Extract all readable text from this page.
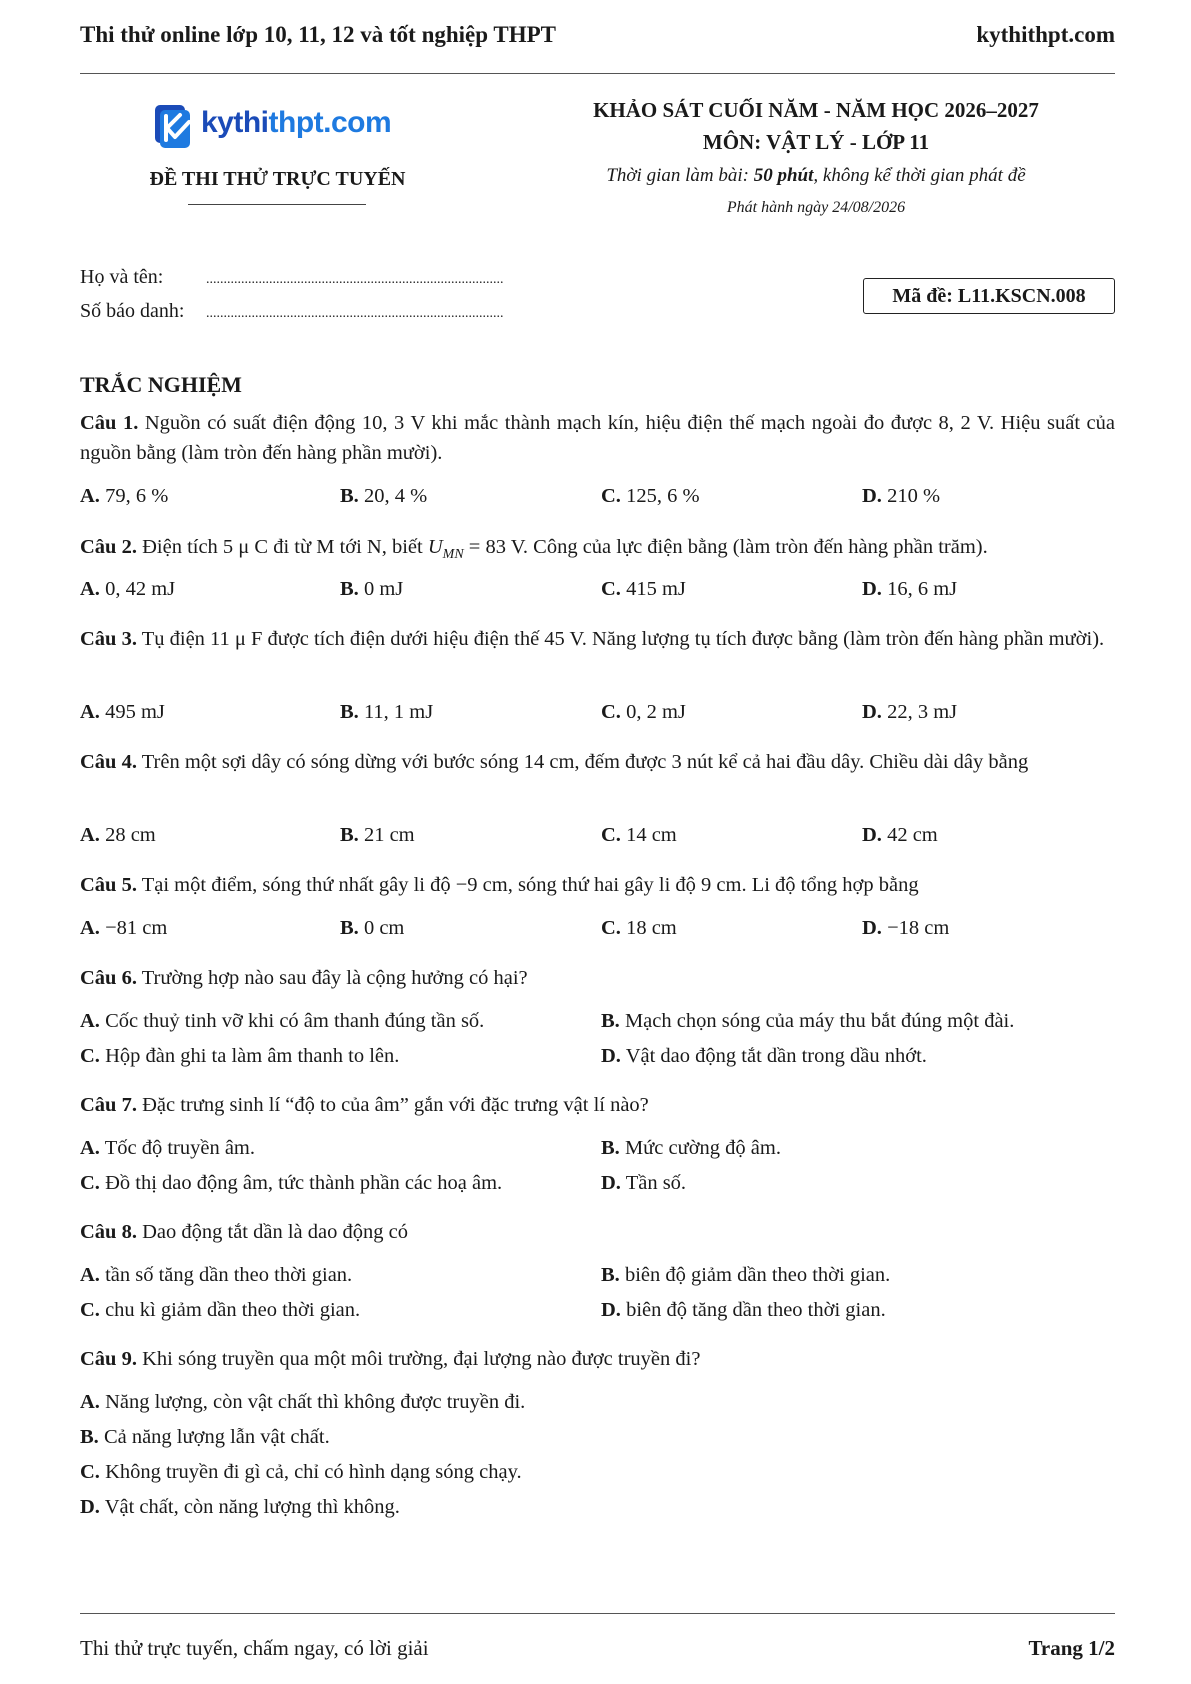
Thi thử online lớp 10, 11, 12 và tốt nghiệp THPT	kythithpt.com
kythithpt.com
ĐỀ THI THỬ TRỰC TUYẾN
KHẢO SÁT CUỐI NĂM - NĂM HỌC 2026–2027
MÔN: VẬT LÝ - LỚP 11
Thời gian làm bài: 50 phút, không kể thời gian phát đề
Phát hành ngày 24/08/2026
Họ và tên:	.....................................................................................
Số báo danh: .....................................................................................
Mã đề: L11.KSCN.008
TRẮC NGHIỆM
Câu 1. Nguồn có suất điện động 10, 3 V khi mắc thành mạch kín, hiệu điện thế mạch ngoài đo được 8, 2 V. Hiệu suất của nguồn bằng (làm tròn đến hàng phần mười).
A. 79, 6 %	B. 20, 4 %	C. 125, 6 %	D. 210 %
Câu 2. Điện tích 5 μ C đi từ M tới N, biết $U_{MN} = 83$ V. Công của lực điện bằng (làm tròn đến hàng phần trăm).
A. 0, 42 mJ	B. 0 mJ	C. 415 mJ	D. 16, 6 mJ
Câu 3. Tụ điện 11 μ F được tích điện dưới hiệu điện thế 45 V. Năng lượng tụ tích được bằng (làm tròn đến hàng phần mười).
A. 495 mJ	B. 11, 1 mJ	C. 0, 2 mJ	D. 22, 3 mJ
Câu 4. Trên một sợi dây có sóng dừng với bước sóng 14 cm, đếm được 3 nút kể cả hai đầu dây. Chiều dài dây bằng
A. 28 cm	B. 21 cm	C. 14 cm	D. 42 cm
Câu 5. Tại một điểm, sóng thứ nhất gây li độ −9 cm, sóng thứ hai gây li độ 9 cm. Li độ tổng hợp bằng
A. −81 cm	B. 0 cm	C. 18 cm	D. −18 cm
Câu 6. Trường hợp nào sau đây là cộng hưởng có hại?
A. Cốc thuỷ tinh vỡ khi có âm thanh đúng tần số.	B. Mạch chọn sóng của máy thu bắt đúng một đài.
C. Hộp đàn ghi ta làm âm thanh to lên.	D. Vật dao động tắt dần trong dầu nhớt.
Câu 7. Đặc trưng sinh lí “độ to của âm” gắn với đặc trưng vật lí nào?
A. Tốc độ truyền âm.	B. Mức cường độ âm.
C. Đồ thị dao động âm, tức thành phần các hoạ âm.	D. Tần số.
Câu 8. Dao động tắt dần là dao động có
A. tần số tăng dần theo thời gian.	B. biên độ giảm dần theo thời gian.
C. chu kì giảm dần theo thời gian.	D. biên độ tăng dần theo thời gian.
Câu 9. Khi sóng truyền qua một môi trường, đại lượng nào được truyền đi?
A. Năng lượng, còn vật chất thì không được truyền đi.
B. Cả năng lượng lẫn vật chất.
C. Không truyền đi gì cả, chỉ có hình dạng sóng chạy.
D. Vật chất, còn năng lượng thì không.
Thi thử trực tuyến, chấm ngay, có lời giải	Trang 1/2
